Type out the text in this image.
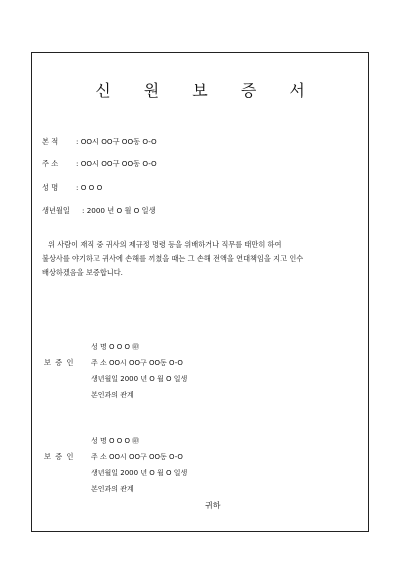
신 원 보 증 서
본 적 : OO시 OO구 OO동 O-O
주 소 : OO시 OO구 OO동 O-O
성 명 : O O O
생년월일 : 2000 년 O 월 O 일생
위 사람이 재직 중 귀사의 제규정 명령 등을 위배하거나 직무를 태만히 하여
불상사를 야기하고 귀사에 손해를 끼쳤을 때는 그 손해 전액을 연대책임을 지고 인수
배상하겠음을 보증합니다.
보 증 인
성 명 O O O ㊞
주 소 OO시 OO구 OO동 O-O
생년월일 2000 년 O 월 O 일생
본인과의 관계
보 증 인
성 명 O O O ㊞
주 소 OO시 OO구 OO동 O-O
생년월일 2000 년 O 월 O 일생
본인과의 관계
귀하
